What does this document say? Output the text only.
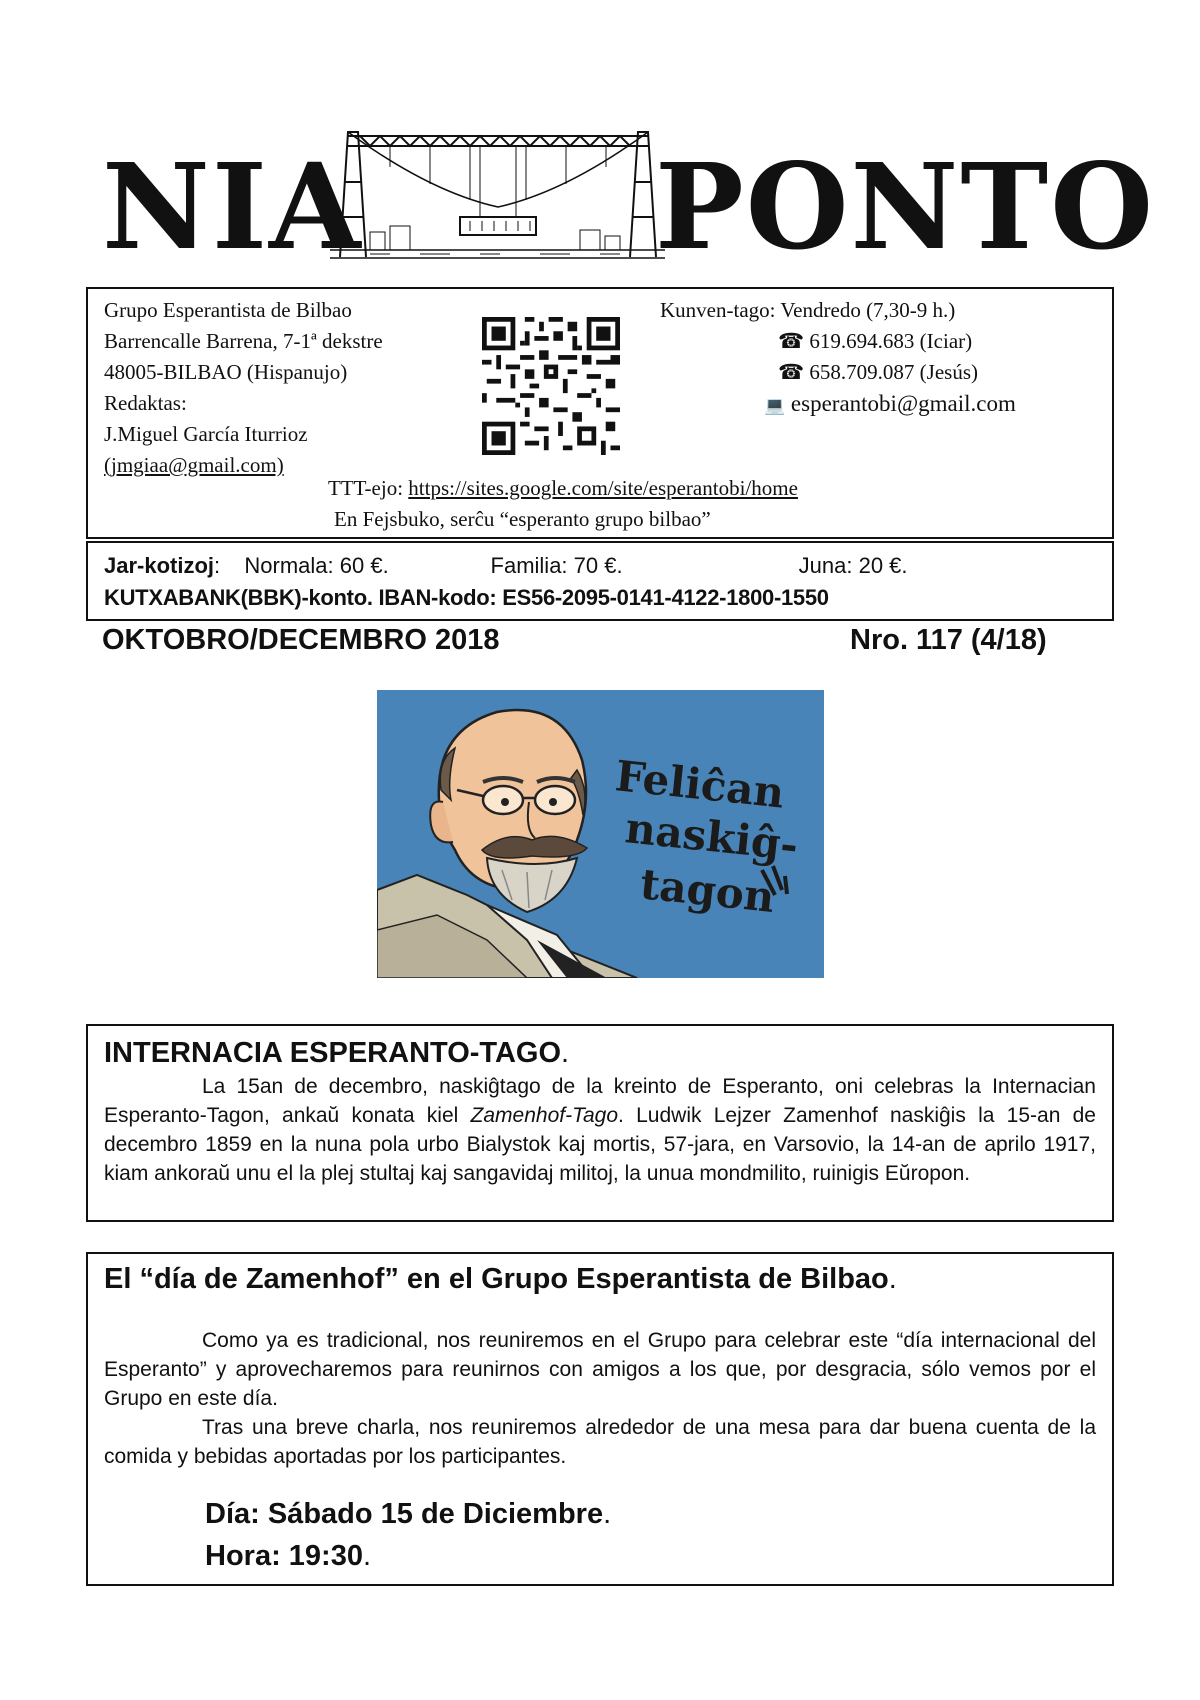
NIA PONTO
Grupo Esperantista de Bilbao
Barrencalle Barrena, 7-1ª dekstre
48005-BILBAO (Hispanujo)
Redaktas:
J.Miguel García Iturrioz
(jmgiaa@gmail.com)
Kunven-tago: Vendredo (7,30-9 h.)
☎ 619.694.683 (Iciar)
☎ 658.709.087 (Jesús)
💻 esperantobi@gmail.com
TTT-ejo: https://sites.google.com/site/esperantobi/home
En Fejsbuko, serĉu “esperanto grupo bilbao”
Jar-kotizoj: Normala: 60 €.	Familia: 70 €.	Juna: 20 €.
KUTXABANK(BBK)-konto. IBAN-kodo: ES56-2095-0141-4122-1800-1550
OKTOBRO/DECEMBRO 2018	Nro. 117 (4/18)
Feliĉan
naskiĝ-
tagon
INTERNACIA ESPERANTO-TAGO.
La 15an de decembro, naskiĝtago de la kreinto de Esperanto, oni celebras la Internacian Esperanto-Tagon, ankaŭ konata kiel Zamenhof-Tago. Ludwik Lejzer Zamenhof naskiĝis la 15-an de decembro 1859 en la nuna pola urbo Bialystok kaj mortis, 57-jara, en Varsovio, la 14-an de aprilo 1917, kiam ankoraŭ unu el la plej stultaj kaj sangavidaj militoj, la unua mondmilito, ruinigis Eŭropon.
El “día de Zamenhof” en el Grupo Esperantista de Bilbao.
Como ya es tradicional, nos reuniremos en el Grupo para celebrar este “día internacional del Esperanto” y aprovecharemos para reunirnos con amigos a los que, por desgracia, sólo vemos por el Grupo en este día.
Tras una breve charla, nos reuniremos alrededor de una mesa para dar buena cuenta de la comida y bebidas aportadas por los participantes.
Día: Sábado 15 de Diciembre.
Hora: 19:30.
